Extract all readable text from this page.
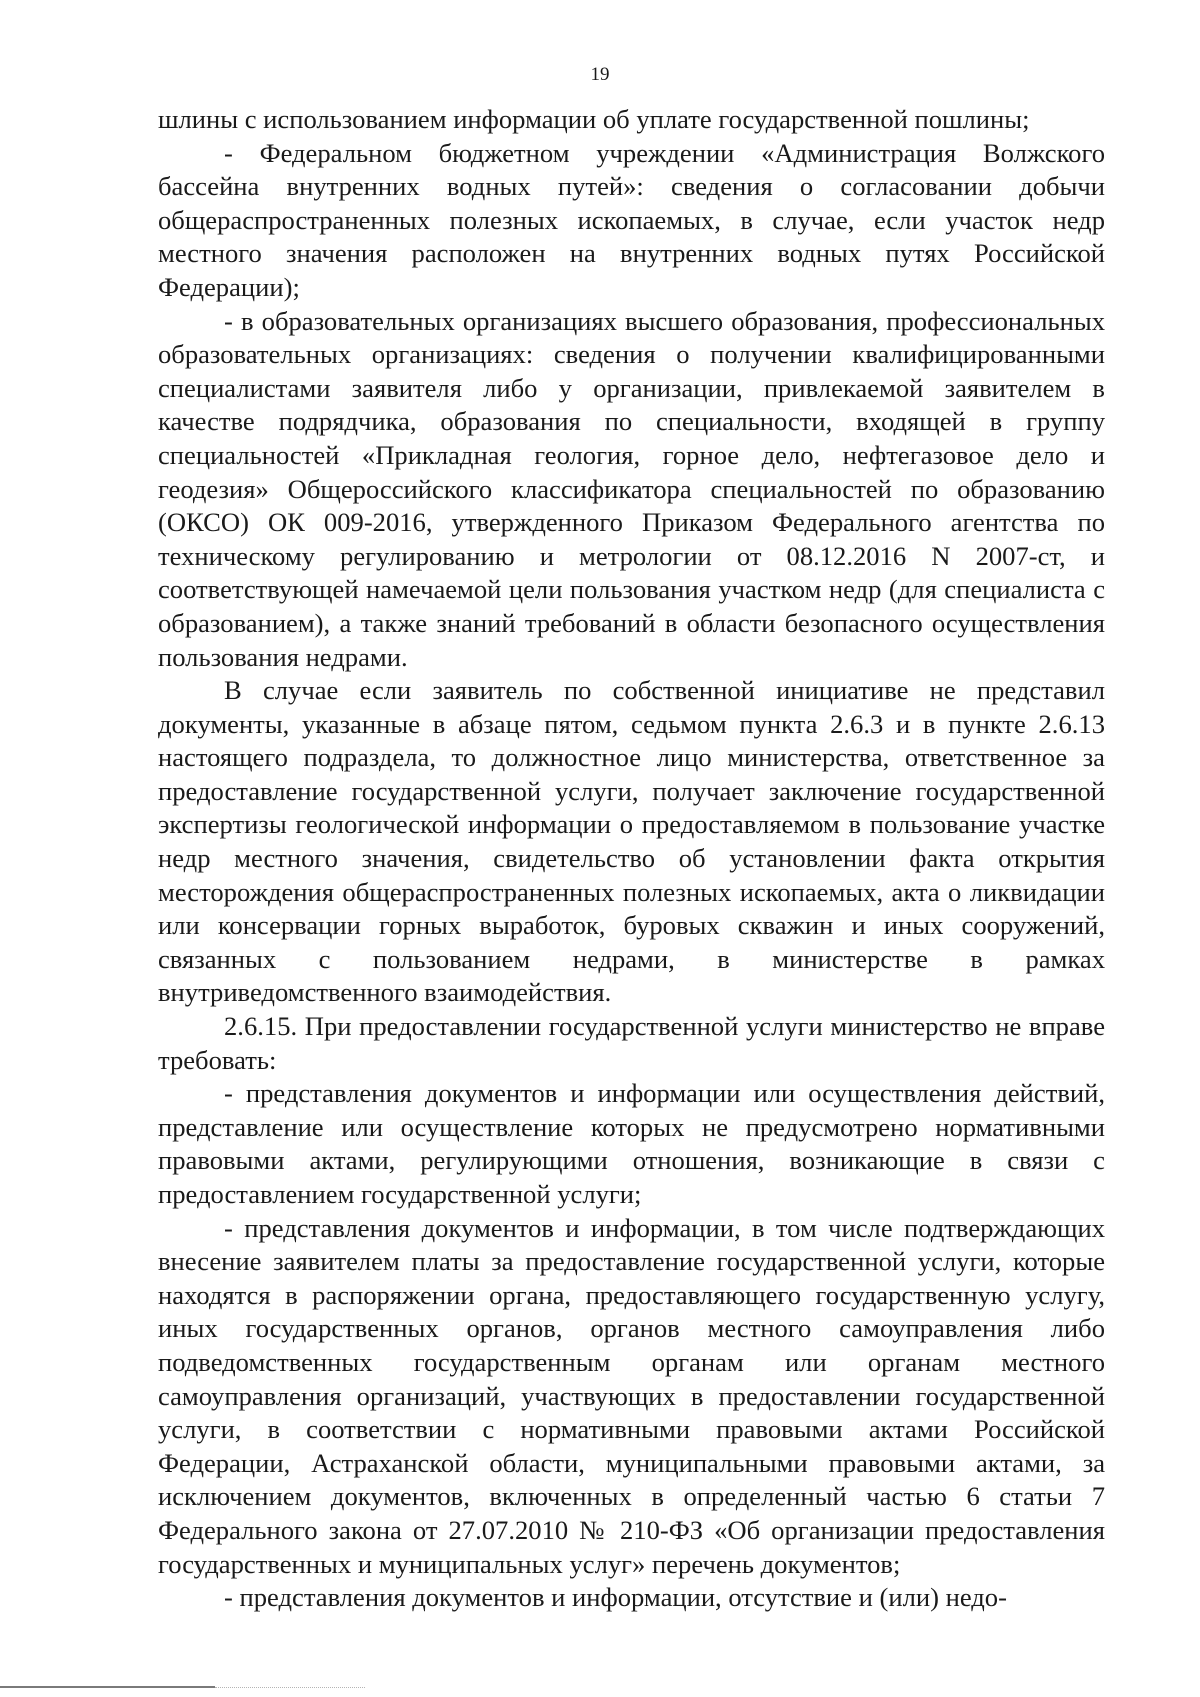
19

шлины с использованием информации об уплате государственной пошлины;

- Федеральном бюджетном учреждении «Администрация Волжского бассейна внутренних водных путей»: сведения о согласовании добычи общераспространенных полезных ископаемых, в случае, если участок недр местного значения расположен на внутренних водных путях Российской Федерации);

- в образовательных организациях высшего образования, профессиональных образовательных организациях: сведения о получении квалифицированными специалистами заявителя либо у организации, привлекаемой заявителем в качестве подрядчика, образования по специальности, входящей в группу специальностей «Прикладная геология, горное дело, нефтегазовое дело и геодезия» Общероссийского классификатора специальностей по образованию (ОКСО) ОК 009-2016, утвержденного Приказом Федерального агентства по техническому регулированию и метрологии от 08.12.2016 N 2007-ст, и соответствующей намечаемой цели пользования участком недр (для специалиста с образованием), а также знаний требований в области безопасного осуществления пользования недрами.

В случае если заявитель по собственной инициативе не представил документы, указанные в абзаце пятом, седьмом пункта 2.6.3 и в пункте 2.6.13 настоящего подраздела, то должностное лицо министерства, ответственное за предоставление государственной услуги, получает заключение государственной экспертизы геологической информации о предоставляемом в пользование участке недр местного значения, свидетельство об установлении факта открытия месторождения общераспространенных полезных ископаемых, акта о ликвидации или консервации горных выработок, буровых скважин и иных сооружений, связанных с пользованием недрами, в министерстве в рамках внутриведомственного взаимодействия.

2.6.15. При предоставлении государственной услуги министерство не вправе требовать:

- представления документов и информации или осуществления действий, представление или осуществление которых не предусмотрено нормативными правовыми актами, регулирующими отношения, возникающие в связи с предоставлением государственной услуги;

- представления документов и информации, в том числе подтверждающих внесение заявителем платы за предоставление государственной услуги, которые находятся в распоряжении органа, предоставляющего государственную услугу, иных государственных органов, органов местного самоуправления либо подведомственных государственным органам или органам местного самоуправления организаций, участвующих в предоставлении государственной услуги, в соответствии с нормативными правовыми актами Российской Федерации, Астраханской области, муниципальными правовыми актами, за исключением документов, включенных в определенный частью 6 статьи 7 Федерального закона от 27.07.2010 № 210-ФЗ «Об организации предоставления государственных и муниципальных услуг» перечень документов;

- представления документов и информации, отсутствие и (или) недо-
